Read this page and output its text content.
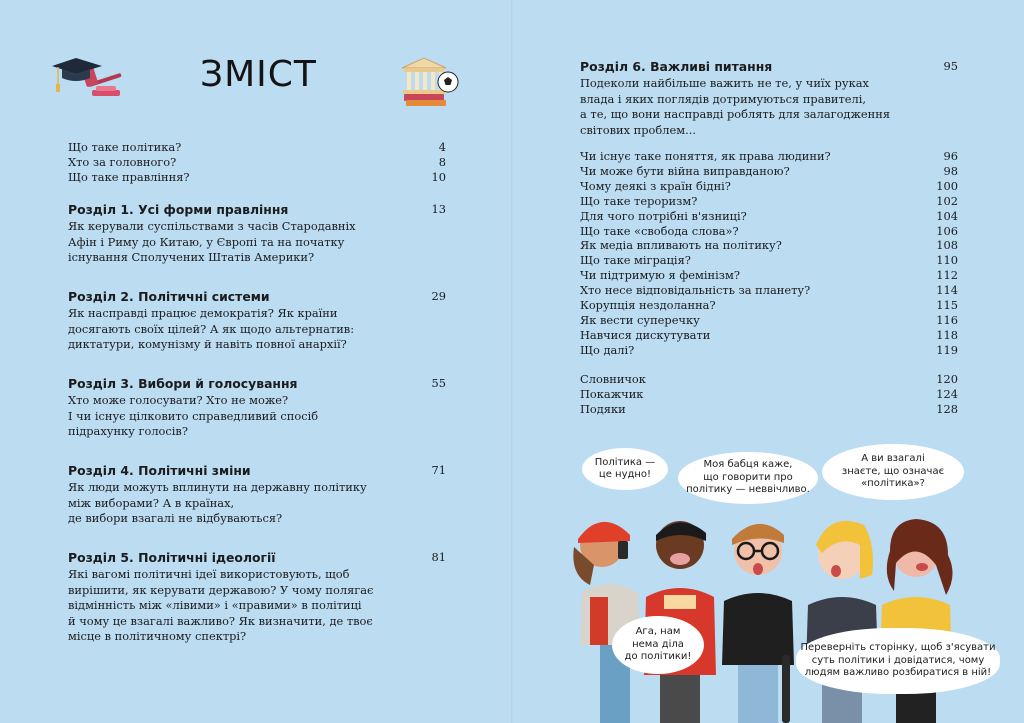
ЗМІСТ
Що таке політика?	4
Хто за головного?	8
Що таке правління?	10
Розділ 1. Усі форми правління	13
Як керували суспільствами з часів Стародавніх
Афін і Риму до Китаю, у Європі та на початку
існування Сполучених Штатів Америки?
Розділ 2. Політичні системи	29
Як насправді працює демократія? Як країни
досягають своїх цілей? А як щодо альтернатив:
диктатури, комунізму й навіть повної анархії?
Розділ 3. Вибори й голосування	55
Хто може голосувати? Хто не може?
І чи існує цілковито справедливий спосіб
підрахунку голосів?
Розділ 4. Політичні зміни	71
Як люди можуть вплинути на державну політику
між виборами? А в країнах,
де вибори взагалі не відбуваються?
Розділ 5. Політичні ідеології	81
Які вагомі політичні ідеї використовують, щоб
вирішити, як керувати державою? У чому полягає
відмінність між «лівими» і «правими» в політиці
й чому це взагалі важливо? Як визначити, де твоє
місце в політичному спектрі?
Розділ 6. Важливі питання	95
Подеколи найбільше важить не те, у чиїх руках
влада і яких поглядів дотримуються правителі,
а те, що вони насправді роблять для залагодження
світових проблем...
Чи існує таке поняття, як права людини?	96
Чи може бути війна виправданою?	98
Чому деякі з країн бідні?	100
Що таке тероризм?	102
Для чого потрібні в'язниці?	104
Що таке «свобода слова»?	106
Як медіа впливають на політику?	108
Що таке міграція?	110
Чи підтримую я фемінізм?	112
Хто несе відповідальність за планету?	114
Корупція нездоланна?	115
Як вести суперечку	116
Навчися дискутувати	118
Що далі?	119
Словничок	120
Покажчик	124
Подяки	128
Політика —
це нудно!
Моя бабця каже,
що говорити про
політику — неввічливо.
А ви взагалі
знаєте, що означає
«політика»?
Ага, нам
нема діла
до політики!
Переверніть сторінку, щоб з'ясувати
суть політики і довідатися, чому
людям важливо розбиратися в ній!
